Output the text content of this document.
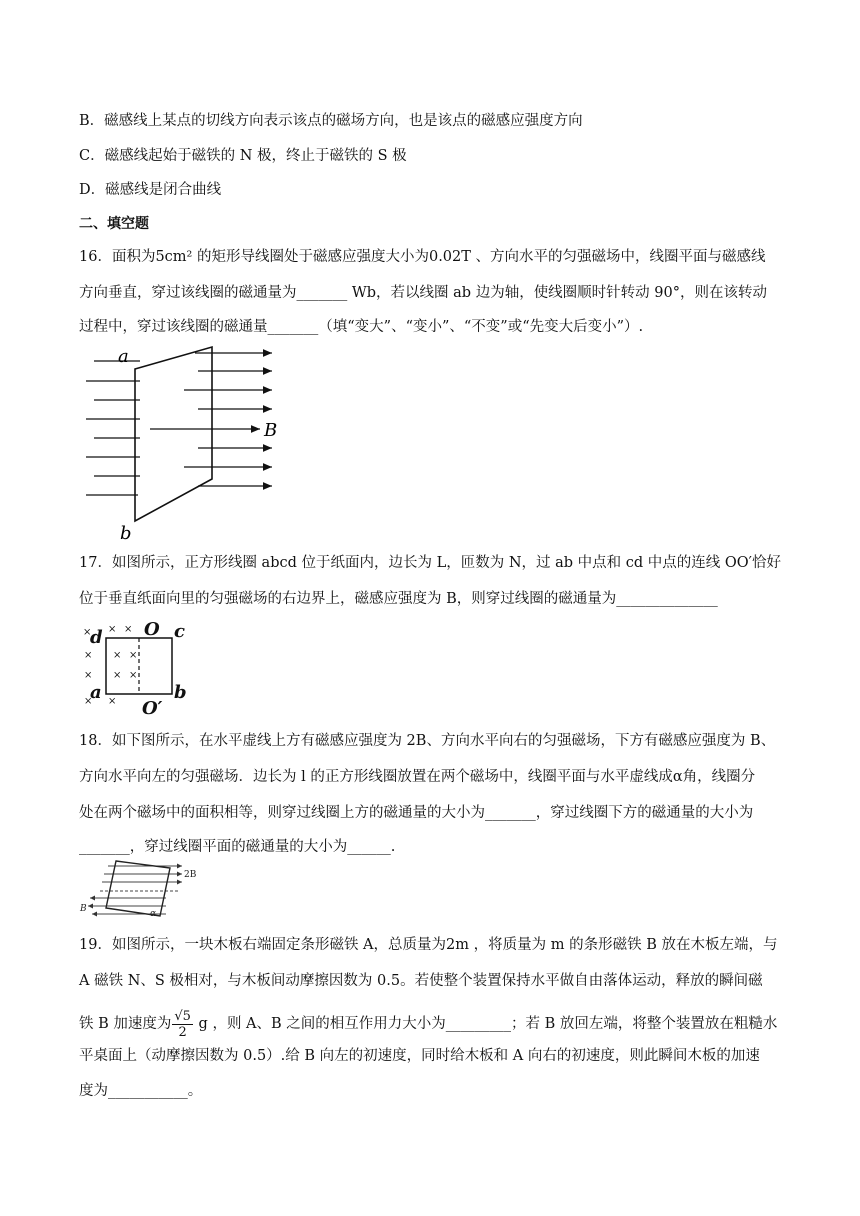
B．磁感线上某点的切线方向表示该点的磁场方向，也是该点的磁感应强度方向
C．磁感线起始于磁铁的 N 极，终止于磁铁的 S 极
D．磁感线是闭合曲线
二、填空题
16．面积为5cm² 的矩形导线圈处于磁感应强度大小为0.02T 、方向水平的匀强磁场中，线圈平面与磁感线
方向垂直，穿过该线圈的磁通量为_______ Wb，若以线圈 ab 边为轴，使线圈顺时针转动 90°，则在该转动
过程中，穿过该线圈的磁通量_______（填“变大”、“变小”、“不变”或“先变大后变小”）.
a
b
B
17．如图所示，正方形线圈 abcd 位于纸面内，边长为 L，匝数为 N，过 ab 中点和 cd 中点的连线 OO′恰好
位于垂直纸面向里的匀强磁场的右边界上，磁感应强度为 B，则穿过线圈的磁通量为______________
× × ×
× × ×
× × ×
× ×
d O c
a	b
O′
18．如下图所示，在水平虚线上方有磁感应强度为 2B、方向水平向右的匀强磁场，下方有磁感应强度为 B、
方向水平向左的匀强磁场．边长为 l 的正方形线圈放置在两个磁场中，线圈平面与水平虚线成α角，线圈分
处在两个磁场中的面积相等，则穿过线圈上方的磁通量的大小为_______，穿过线圈下方的磁通量的大小为
_______，穿过线圈平面的磁通量的大小为______.
2B
B	α
19．如图所示，一块木板右端固定条形磁铁 A，总质量为2m ，将质量为 m 的条形磁铁 B 放在木板左端，与
A 磁铁 N、S 极相对，与木板间动摩擦因数为 0.5。若使整个装置保持水平做自由落体运动，释放的瞬间磁
铁 B 加速度为 $\frac{√5}{2}$ g ，则 A、B 之间的相互作用力大小为_________；若 B 放回左端，将整个装置放在粗糙水
平桌面上（动摩擦因数为 0.5）.给 B 向左的初速度，同时给木板和 A 向右的初速度，则此瞬间木板的加速
度为___________。
